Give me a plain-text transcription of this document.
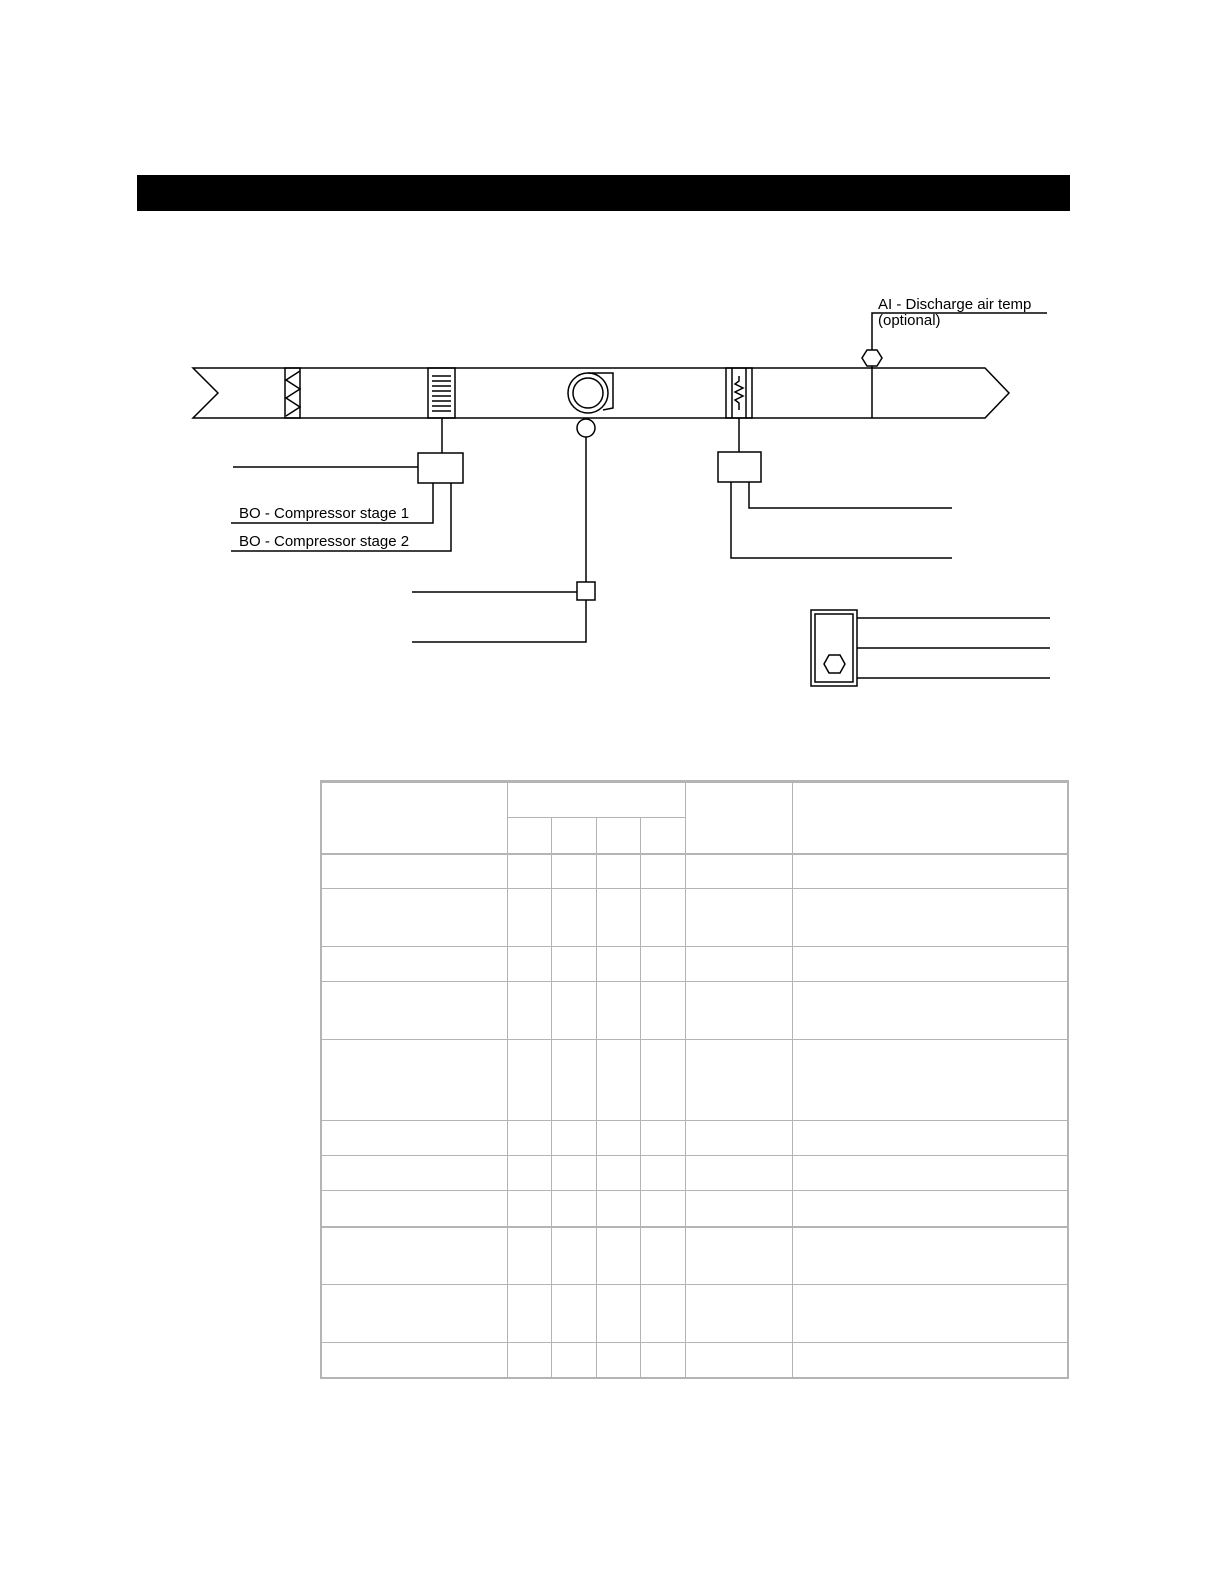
AI - Discharge air temp
(optional)
BO - Compressor stage 1
BO - Compressor stage 2
